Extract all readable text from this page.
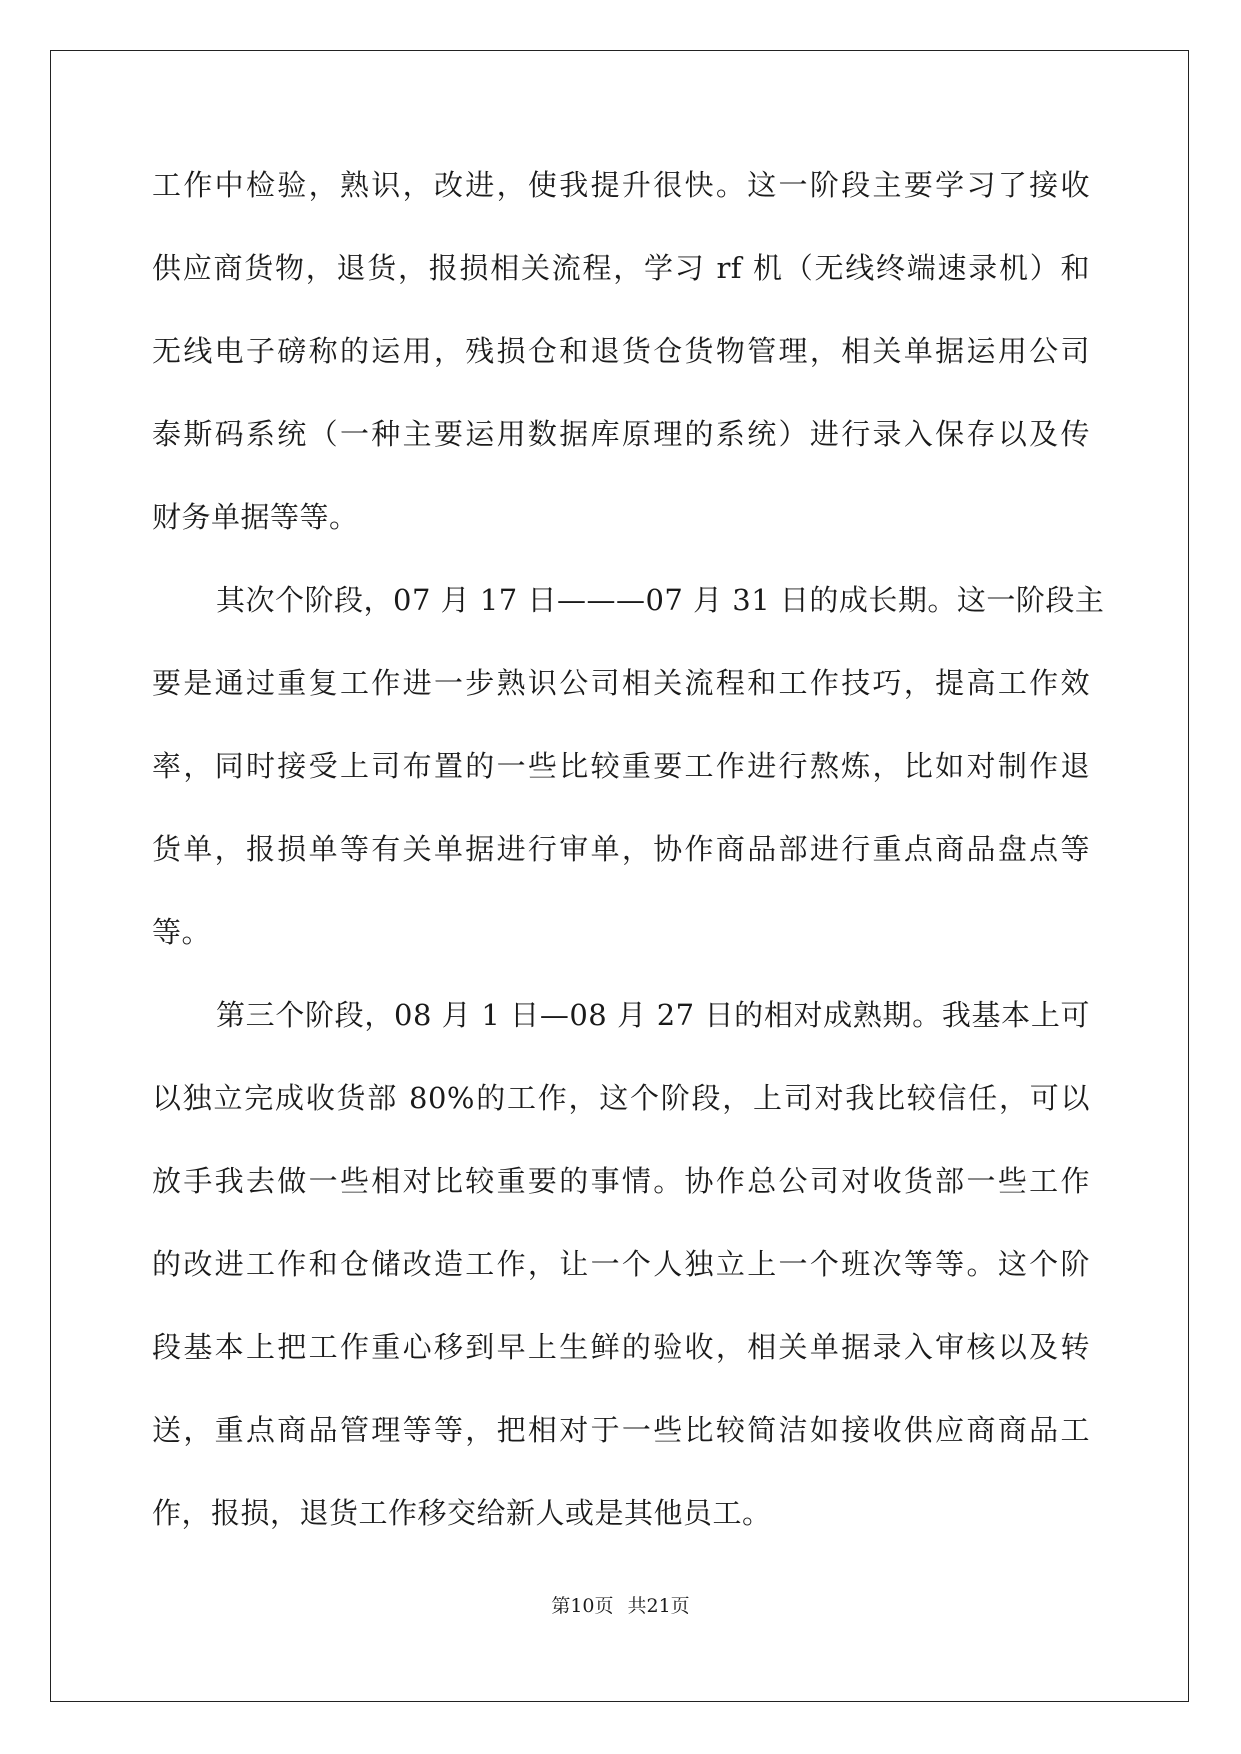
工作中检验，熟识，改进，使我提升很快。这一阶段主要学习了接收
供应商货物，退货，报损相关流程，学习 rf 机（无线终端速录机）和
无线电子磅称的运用，残损仓和退货仓货物管理，相关单据运用公司
泰斯码系统（一种主要运用数据库原理的系统）进行录入保存以及传
财务单据等等。
其次个阶段，07 月 17 日———07 月 31 日的成长期。这一阶段主
要是通过重复工作进一步熟识公司相关流程和工作技巧，提高工作效
率，同时接受上司布置的一些比较重要工作进行熬炼，比如对制作退
货单，报损单等有关单据进行审单，协作商品部进行重点商品盘点等
等。
第三个阶段，08 月 1 日—08 月 27 日的相对成熟期。我基本上可
以独立完成收货部 80%的工作，这个阶段，上司对我比较信任，可以
放手我去做一些相对比较重要的事情。协作总公司对收货部一些工作
的改进工作和仓储改造工作，让一个人独立上一个班次等等。这个阶
段基本上把工作重心移到早上生鲜的验收，相关单据录入审核以及转
送，重点商品管理等等，把相对于一些比较简洁如接收供应商商品工
作，报损，退货工作移交给新人或是其他员工。
第10页 共21页
